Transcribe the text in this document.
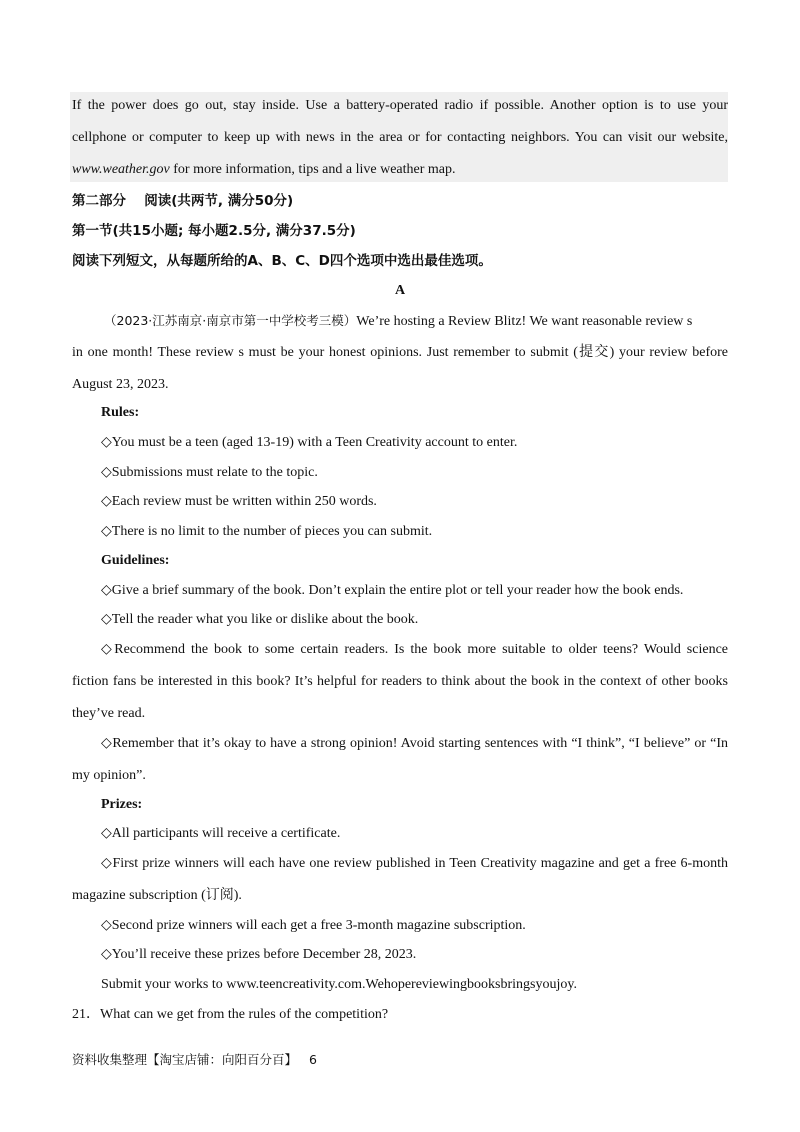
If the power does go out, stay inside. Use a battery-operated radio if possible. Another option is to use your
cellphone or computer to keep up with news in the area or for contacting neighbors. You can visit our website,
www.weather.gov for more information, tips and a live weather map.
第二部分　 阅读(共两节, 满分50分)
第一节(共15小题; 每小题2.5分, 满分37.5分)
阅读下列短文，从每题所给的A、B、C、D四个选项中选出最佳选项。
A
（2023·江苏南京·南京市第一中学校考三模）We’re hosting a Review Blitz! We want reasonable review s
in one month! These review s must be your honest opinions. Just remember to submit (提交) your review before
August 23, 2023.
Rules:
◇You must be a teen (aged 13-19) with a Teen Creativity account to enter.
◇Submissions must relate to the topic.
◇Each review must be written within 250 words.
◇There is no limit to the number of pieces you can submit.
Guidelines:
◇Give a brief summary of the book. Don’t explain the entire plot or tell your reader how the book ends.
◇Tell the reader what you like or dislike about the book.
◇Recommend the book to some certain readers. Is the book more suitable to older teens? Would science
fiction fans be interested in this book? It’s helpful for readers to think about the book in the context of other books
they’ve read.
◇Remember that it’s okay to have a strong opinion! Avoid starting sentences with “I think”, “I believe” or “In
my opinion”.
Prizes:
◇All participants will receive a certificate.
◇First prize winners will each have one review published in Teen Creativity magazine and get a free 6-month
magazine subscription (订阅).
◇Second prize winners will each get a free 3-month magazine subscription.
◇You’ll receive these prizes before December 28, 2023.
Submit your works to www.teencreativity.com.Wehopereviewingbooksbringsyoujoy.
21．What can we get from the rules of the competition?
资料收集整理【淘宝店铺：向阳百分百】 6
